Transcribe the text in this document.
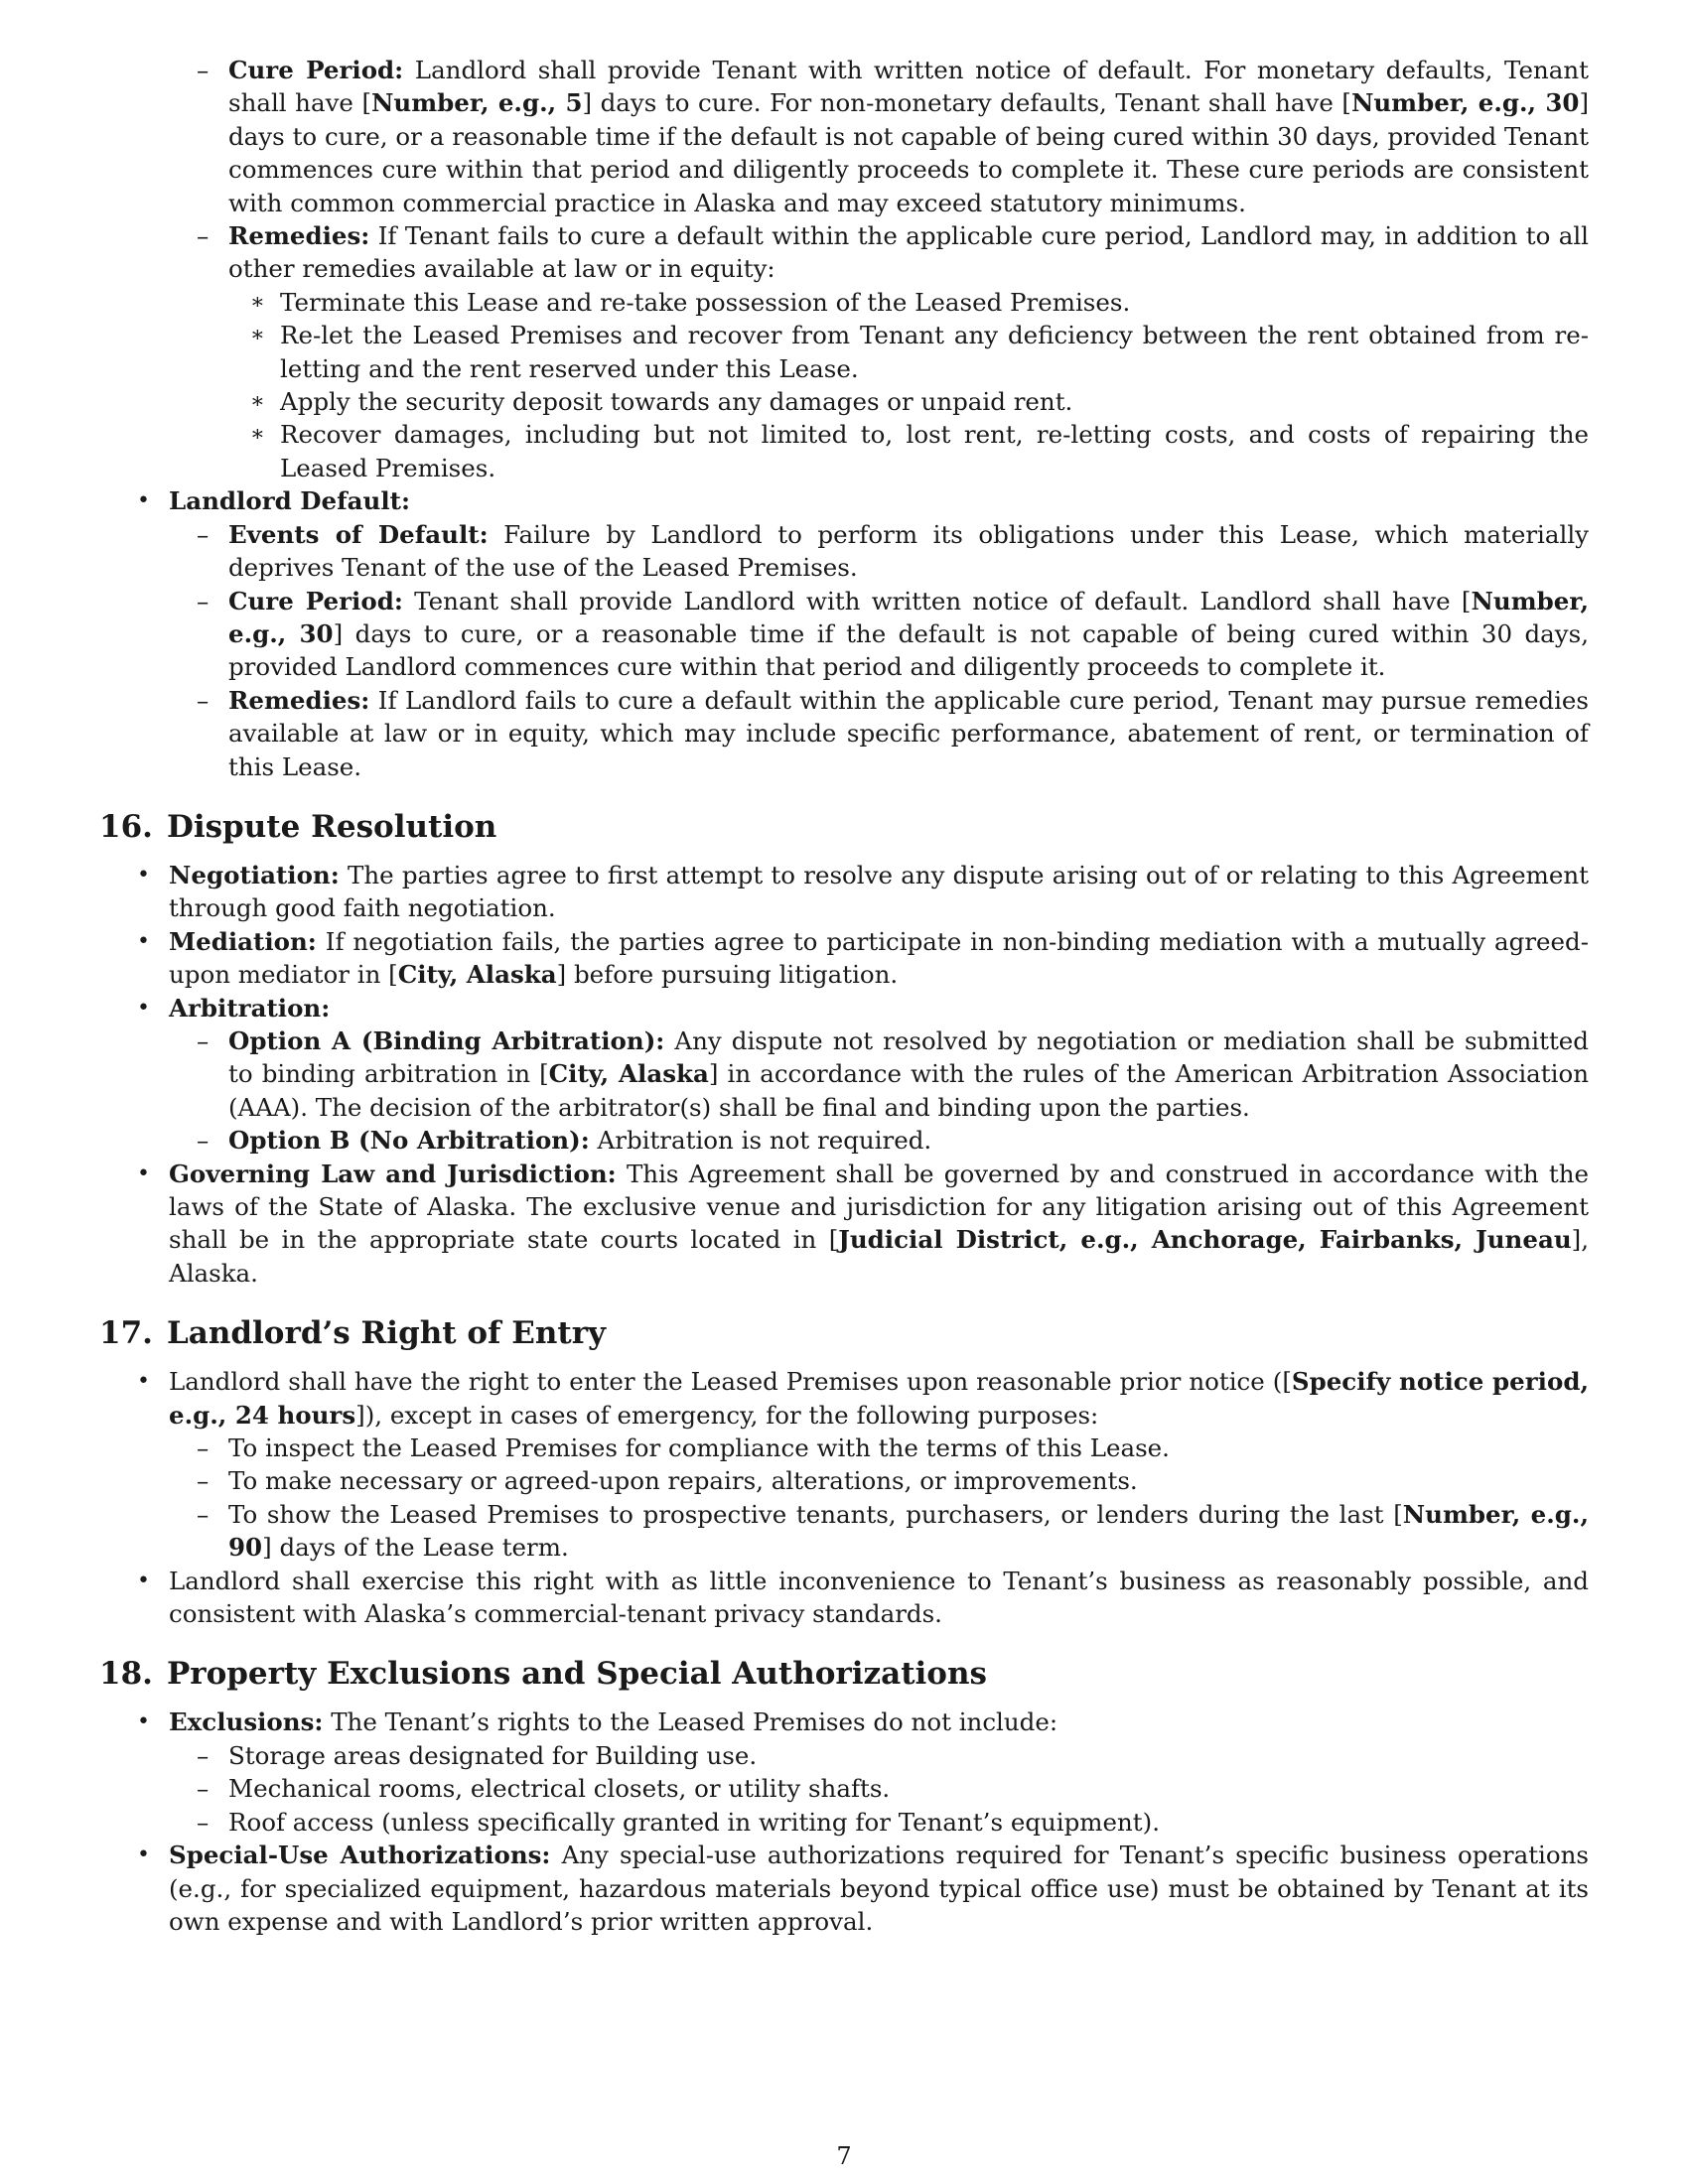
– Cure Period: Landlord shall provide Tenant with written notice of default. For monetary defaults, Tenant shall have [Number, e.g., 5] days to cure. For non-monetary defaults, Tenant shall have [Number, e.g., 30] days to cure, or a reasonable time if the default is not capable of being cured within 30 days, provided Tenant commences cure within that period and diligently proceeds to complete it. These cure periods are consistent with common commercial practice in Alaska and may exceed statutory minimums.
– Remedies: If Tenant fails to cure a default within the applicable cure period, Landlord may, in addition to all other remedies available at law or in equity:
∗ Terminate this Lease and re-take possession of the Leased Premises.
∗ Re-let the Leased Premises and recover from Tenant any deficiency between the rent obtained from re-letting and the rent reserved under this Lease.
∗ Apply the security deposit towards any damages or unpaid rent.
∗ Recover damages, including but not limited to, lost rent, re-letting costs, and costs of repairing the Leased Premises.
• Landlord Default:
– Events of Default: Failure by Landlord to perform its obligations under this Lease, which materially deprives Tenant of the use of the Leased Premises.
– Cure Period: Tenant shall provide Landlord with written notice of default. Landlord shall have [Number, e.g., 30] days to cure, or a reasonable time if the default is not capable of being cured within 30 days, provided Landlord commences cure within that period and diligently proceeds to complete it.
– Remedies: If Landlord fails to cure a default within the applicable cure period, Tenant may pursue remedies available at law or in equity, which may include specific performance, abatement of rent, or termination of this Lease.
16. Dispute Resolution
• Negotiation: The parties agree to first attempt to resolve any dispute arising out of or relating to this Agreement through good faith negotiation.
• Mediation: If negotiation fails, the parties agree to participate in non-binding mediation with a mutually agreed-upon mediator in [City, Alaska] before pursuing litigation.
• Arbitration:
– Option A (Binding Arbitration): Any dispute not resolved by negotiation or mediation shall be submitted to binding arbitration in [City, Alaska] in accordance with the rules of the American Arbitration Association (AAA). The decision of the arbitrator(s) shall be final and binding upon the parties.
– Option B (No Arbitration): Arbitration is not required.
• Governing Law and Jurisdiction: This Agreement shall be governed by and construed in accordance with the laws of the State of Alaska. The exclusive venue and jurisdiction for any litigation arising out of this Agreement shall be in the appropriate state courts located in [Judicial District, e.g., Anchorage, Fairbanks, Juneau], Alaska.
17. Landlord’s Right of Entry
• Landlord shall have the right to enter the Leased Premises upon reasonable prior notice ([Specify notice period, e.g., 24 hours]), except in cases of emergency, for the following purposes:
– To inspect the Leased Premises for compliance with the terms of this Lease.
– To make necessary or agreed-upon repairs, alterations, or improvements.
– To show the Leased Premises to prospective tenants, purchasers, or lenders during the last [Number, e.g., 90] days of the Lease term.
• Landlord shall exercise this right with as little inconvenience to Tenant’s business as reasonably possible, and consistent with Alaska’s commercial-tenant privacy standards.
18. Property Exclusions and Special Authorizations
• Exclusions: The Tenant’s rights to the Leased Premises do not include:
– Storage areas designated for Building use.
– Mechanical rooms, electrical closets, or utility shafts.
– Roof access (unless specifically granted in writing for Tenant’s equipment).
• Special-Use Authorizations: Any special-use authorizations required for Tenant’s specific business operations (e.g., for specialized equipment, hazardous materials beyond typical office use) must be obtained by Tenant at its own expense and with Landlord’s prior written approval.
7
